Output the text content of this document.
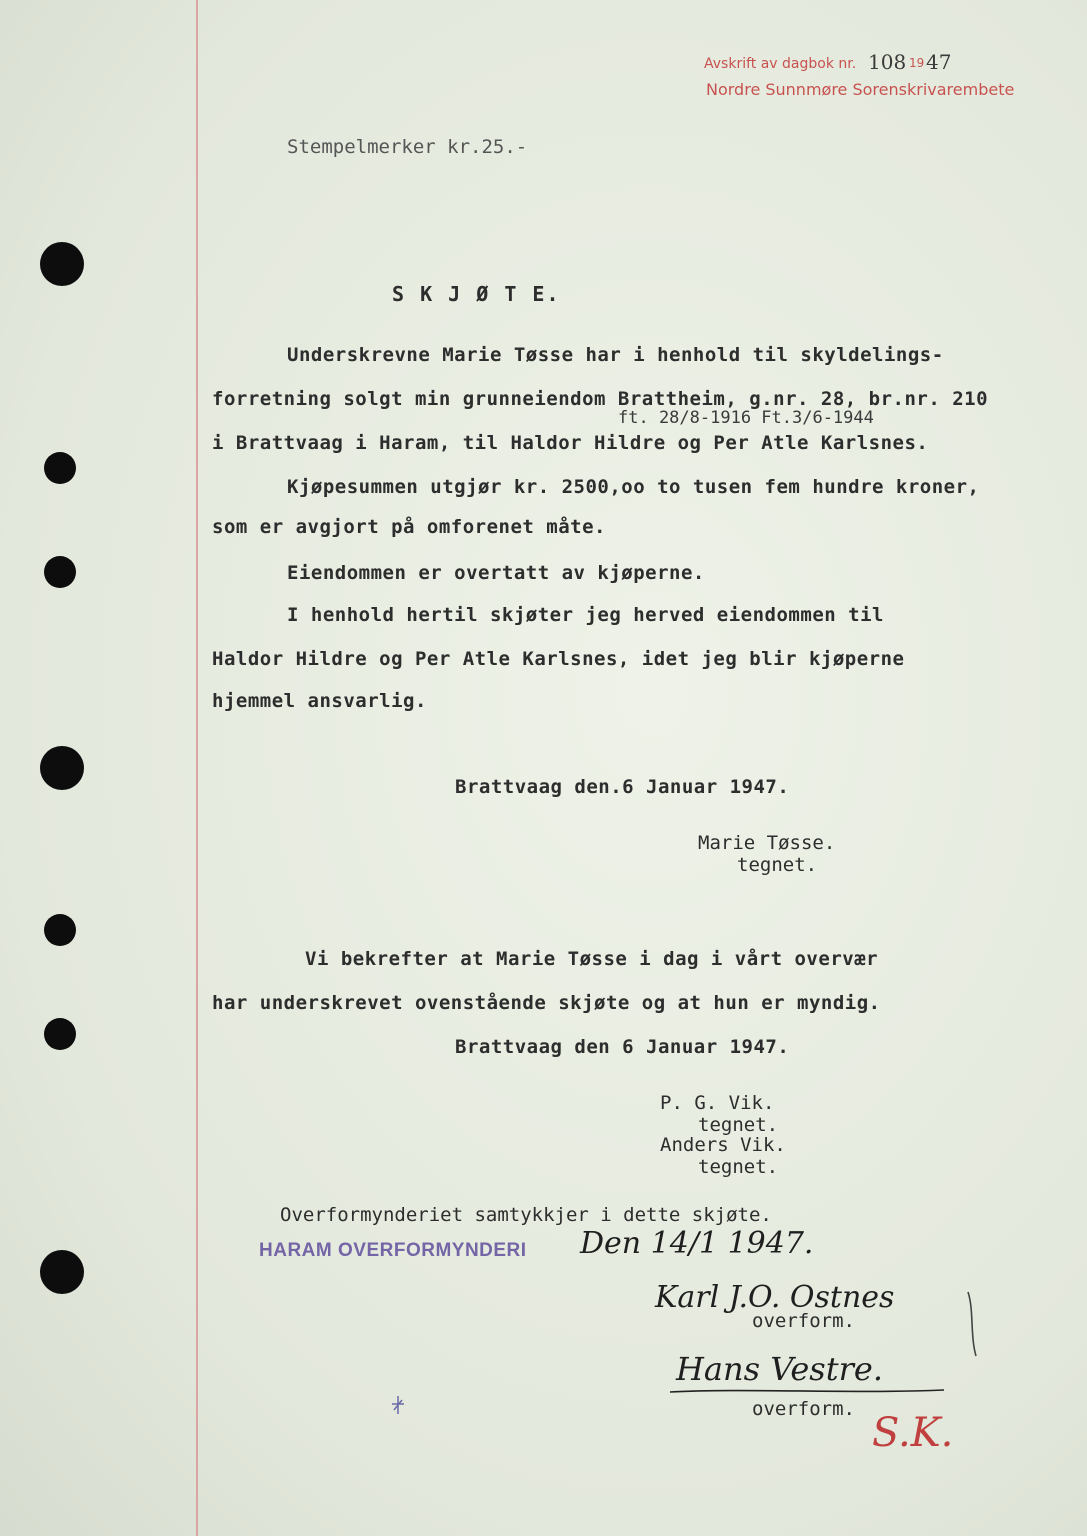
Avskrift av dagbok nr. 108 19 47
Nordre Sunnmøre Sorenskrivarembete
Stempelmerker kr.25.-
S K J Ø T E.
Underskrevne Marie Tøsse har i henhold til skyldelings-
forretning solgt min grunneiendom Brattheim, g.nr. 28, br.nr. 210
ft. 28/8-1916 Ft.3/6-1944
i Brattvaag i Haram, til Haldor Hildre og Per Atle Karlsnes.
Kjøpesummen utgjør kr. 2500,oo to tusen fem hundre kroner,
som er avgjort på omforenet måte.
Eiendommen er overtatt av kjøperne.
I henhold hertil skjøter jeg herved eiendommen til
Haldor Hildre og Per Atle Karlsnes, idet jeg blir kjøperne
hjemmel ansvarlig.
Brattvaag den.6 Januar 1947.
Marie Tøsse.
tegnet.
Vi bekrefter at Marie Tøsse i dag i vårt overvær
har underskrevet ovenstående skjøte og at hun er myndig.
Brattvaag den 6 Januar 1947.
P. G. Vik.
tegnet.
Anders Vik.
tegnet.
Overformynderiet samtykkjer i dette skjøte.
HARAM OVERFORMYNDERI Den 14/1 1947.
Karl J.O. Ostnes
overform.
Hans Vestre.
overform.
S.K.
